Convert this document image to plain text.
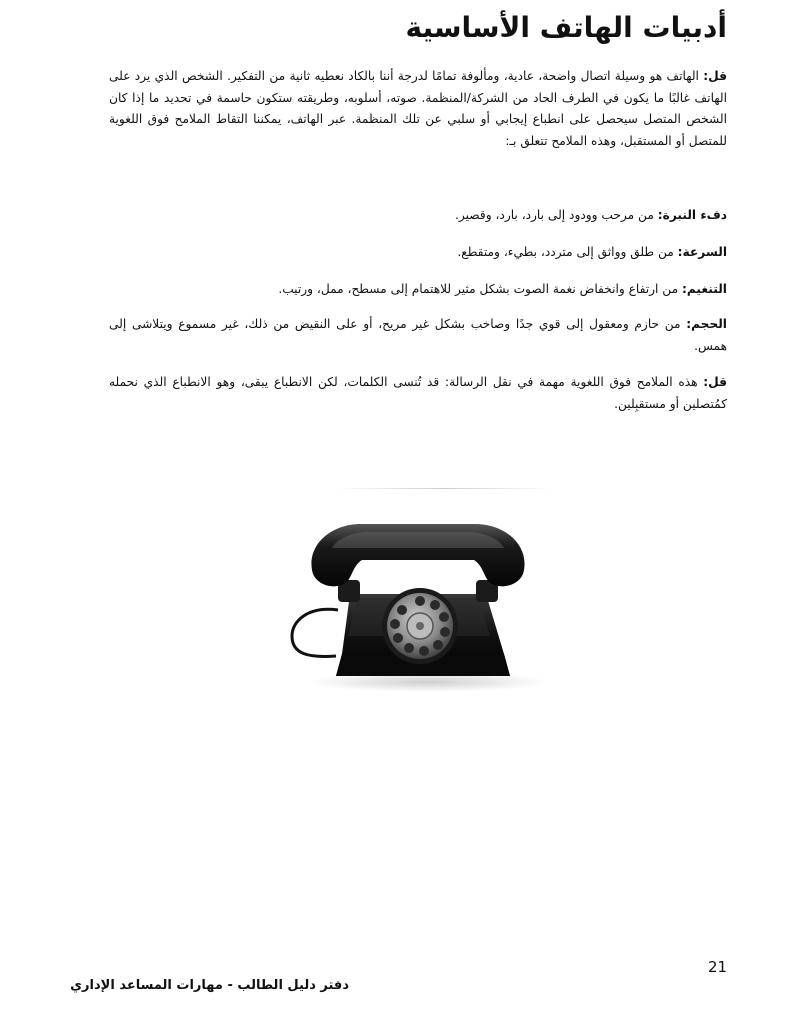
أدبيات الهاتف الأساسية

قل: الهاتف هو وسيلة اتصال واضحة، عادية، ومألوفة تمامًا لدرجة أننا بالكاد نعطيه ثانية من التفكير. الشخص الذي يرد على الهاتف غالبًا ما يكون في الطرف الحاد من الشركة/المنظمة. صوته، أسلوبه، وطريقته ستكون حاسمة في تحديد ما إذا كان الشخص المتصل سيحصل على انطباع إيجابي أو سلبي عن تلك المنظمة. عبر الهاتف، يمكننا التقاط الملامح فوق اللغوية للمتصل أو المستقبل، وهذه الملامح تتعلق بـ:

دفء النبرة: من مرحب وودود إلى بارد، بارد، وقصير.

السرعة: من طلق وواثق إلى متردد، بطيء، ومتقطع.

التنغيم: من ارتفاع وانخفاض نغمة الصوت بشكل مثير للاهتمام إلى مسطح، ممل، ورتيب.

الحجم: من حازم ومعقول إلى قوي جدًا وصاخب بشكل غير مريح، أو على النقيض من ذلك، غير مسموع ويتلاشى إلى همس.

قل: هذه الملامح فوق اللغوية مهمة في نقل الرسالة: قد تُنسى الكلمات، لكن الانطباع يبقى، وهو الانطباع الذي نحمله كمُتصلين أو مستقبِلين.

21

دفتر دليل الطالب - مهارات المساعد الإداري
